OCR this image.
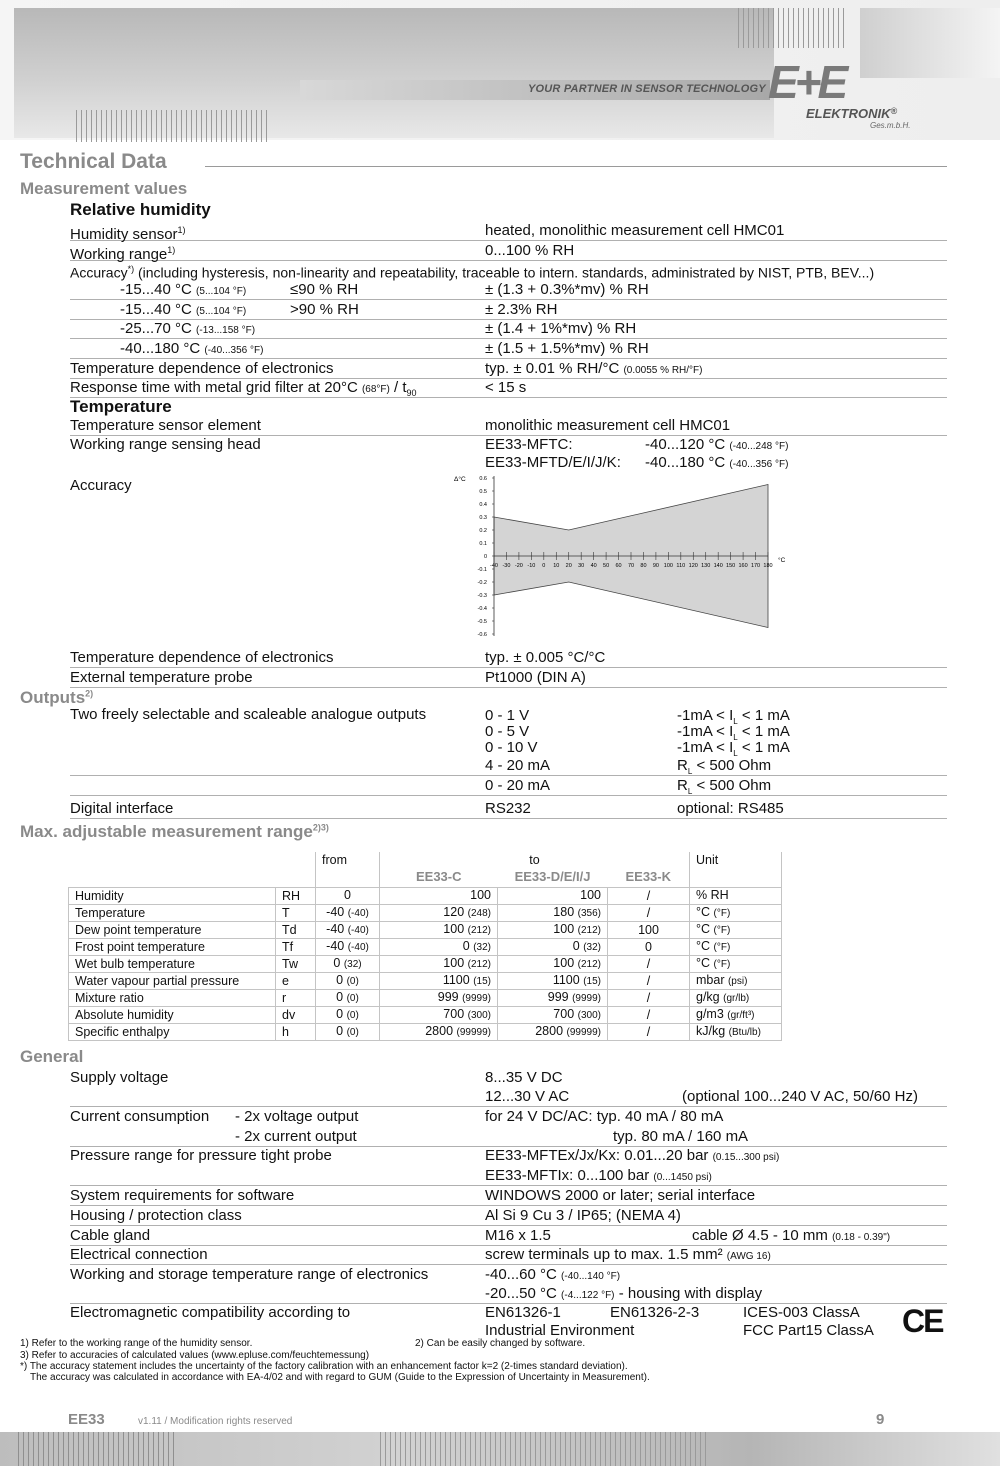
YOUR PARTNER IN SENSOR TECHNOLOGY E+E
ELEKTRONIK®
Ges.m.b.H.
Technical Data
Measurement values
Relative humidity
Humidity sensor$^{1)}$	heated, monolithic measurement cell HMC01
Working range$^{1)}$	0...100 % RH
Accuracy*) (including hysteresis, non-linearity and repeatability, traceable to intern. standards, administrated by NIST, PTB, BEV...)
-15...40 °C (5...104 °F)	≤90 % RH	± (1.3 + 0.3%*mv) % RH
-15...40 °C (5...104 °F)	>90 % RH	± 2.3% RH
-25...70 °C (-13...158 °F)	± (1.4 + 1%*mv) % RH
-40...180 °C (-40...356 °F)	± (1.5 + 1.5%*mv) % RH
Temperature dependence of electronics	typ. ± 0.01 % RH/°C (0.0055 % RH/°F)
Response time with metal grid filter at 20°C $(68^\circ F) / t_{90}$	< 15 s
Temperature
Temperature sensor element	monolithic measurement cell HMC01
Working range sensing head	EE33-MFTC:	-40...120 °C (-40...248 °F)
EE33-MFTD/E/I/J/K: -40...180 °C (-40...356 °F)
Accuracy	0.6
0.5
0.4
0.3
0.2
0.1
0
-0.1
-0.2
-0.3
-0.4
-0.5
-0.6
-40 -30 -20 -10 0 10 20 30 40 50 60 70 80 90 100 110 120 130 140 150 160 170 180
Δ°C
°C
Temperature dependence of electronics	typ. ± 0.005 °C/°C
External temperature probe	Pt1000 (DIN A)
Outputs$^{2)}$
Two freely selectable and scaleable analogue outputs	0 - 1 V	$-1mA < I_L < 1$ mA
0 - 5 V	$-1mA < I_L < 1$ mA
0 - 10 V	$-1mA < I_L < 1$ mA
4 - 20 mA	$R_L < 500$ Ohm
0 - 20 mA	$R_L < 500$ Ohm
Digital interface	RS232	optional: RS485
Max. adjustable measurement range$^{2)3)}$
		from	to			Unit
			EE33-C	EE33-D/E/I/J	EE33-K	
Humidity	RH	0	100	100	/	% RH
Temperature	T	-40 (-40)	120 (248)	180 (356)	/	°C (°F)
Dew point temperature	Td	-40 (-40)	100 (212)	100 (212)	100	°C (°F)
Frost point temperature	Tf	-40 (-40)	0 (32)	0 (32)	0	°C (°F)
Wet bulb temperature	Tw	0 (32)	100 (212)	100 (212)	/	°C (°F)
Water vapour partial pressure	e	0 (0)	1100 (15)	1100 (15)	/	mbar (psi)
Mixture ratio	r	0 (0)	999 (9999)	999 (9999)	/	g/kg (gr/lb)
Absolute humidity	dv	0 (0)	700 (300)	700 (300)	/	g/m3 (gr/ft³)
Specific enthalpy	h	0 (0)	2800 (99999)	2800 (99999)	/	kJ/kg (Btu/lb)
General
Supply voltage	8...35 V DC
12...30 V AC	(optional 100...240 V AC, 50/60 Hz)
Current consumption - 2x voltage output	for 24 V DC/AC: typ. 40 mA / 80 mA
- 2x current output	typ. 80 mA / 160 mA
Pressure range for pressure tight probe	EE33-MFTEx/Jx/Kx: 0.01...20 bar (0.15...300 psi)
EE33-MFTIx: 0...100 bar (0...1450 psi)
System requirements for software	WINDOWS 2000 or later; serial interface
Housing / protection class	Al Si 9 Cu 3 / IP65; (NEMA 4)
Cable gland	M16 x 1.5	cable Ø 4.5 - 10 mm (0.18 - 0.39")
Electrical connection	screw terminals up to max. 1.5 mm² (AWG 16)
Working and storage temperature range of electronics	-40...60 °C (-40...140 °F)
-20...50 °C (-4...122 °F) - housing with display
Electromagnetic compatibility according to	EN61326-1	EN61326-2-3	ICES-003 ClassA
Industrial Environment	FCC Part15 ClassA CE
1) Refer to the working range of the humidity sensor.	2) Can be easily changed by software.
3) Refer to accuracies of calculated values (www.epluse.com/feuchtemessung)
*) The accuracy statement includes the uncertainty of the factory calibration with an enhancement factor k=2 (2-times standard deviation).
The accuracy was calculated in accordance with EA-4/02 and with regard to GUM (Guide to the Expression of Uncertainty in Measurement).
EE33	v1.11 / Modification rights reserved	9
